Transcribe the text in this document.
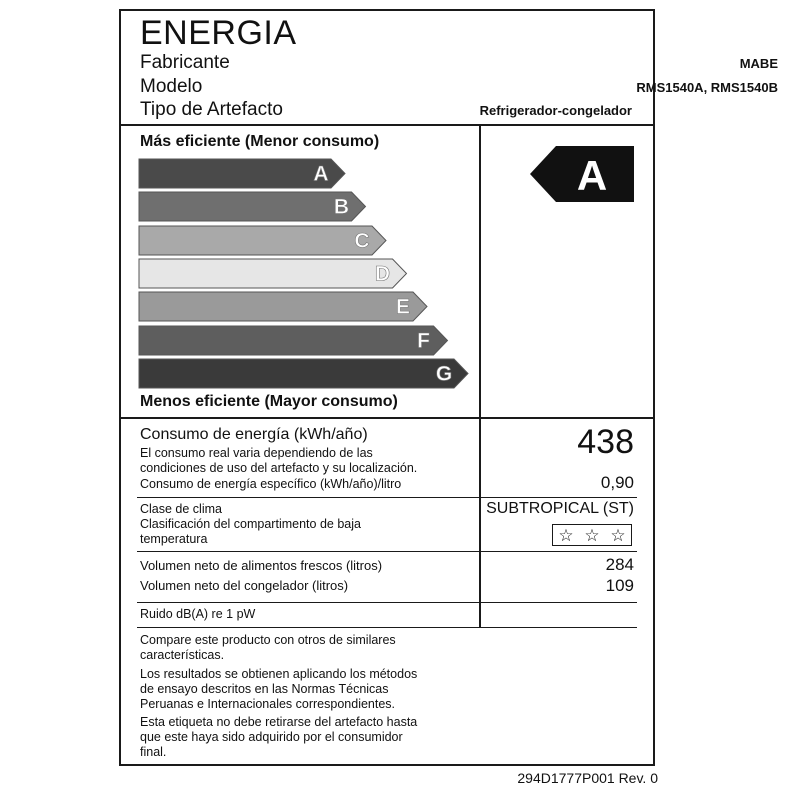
ENERGIA
Fabricante	MABE
Modelo	RMS1540A, RMS1540B
Tipo de Artefacto	Refrigerador-congelador
Más eficiente (Menor consumo)
A
B
C
D
E
F
G
Menos eficiente (Mayor consumo)
A
Consumo de energía (kWh/año)
El consumo real varia dependiendo de las
condiciones de uso del artefacto y su localización.
438
Consumo de energía específico (kWh/año)/litro	0,90
Clase de clima	SUBTROPICAL (ST)
Clasificación del compartimento de baja
temperatura	☆ ☆ ☆
Volumen neto de alimentos frescos (litros)	284
Volumen neto del congelador (litros)	109
Ruido dB(A) re 1 pW
Compare este producto con otros de similares
características.
Los resultados se obtienen aplicando los métodos
de ensayo descritos en las Normas Técnicas
Peruanas e Internacionales correspondientes.
Esta etiqueta no debe retirarse del artefacto hasta
que este haya sido adquirido por el consumidor
final.
294D1777P001 Rev. 0
